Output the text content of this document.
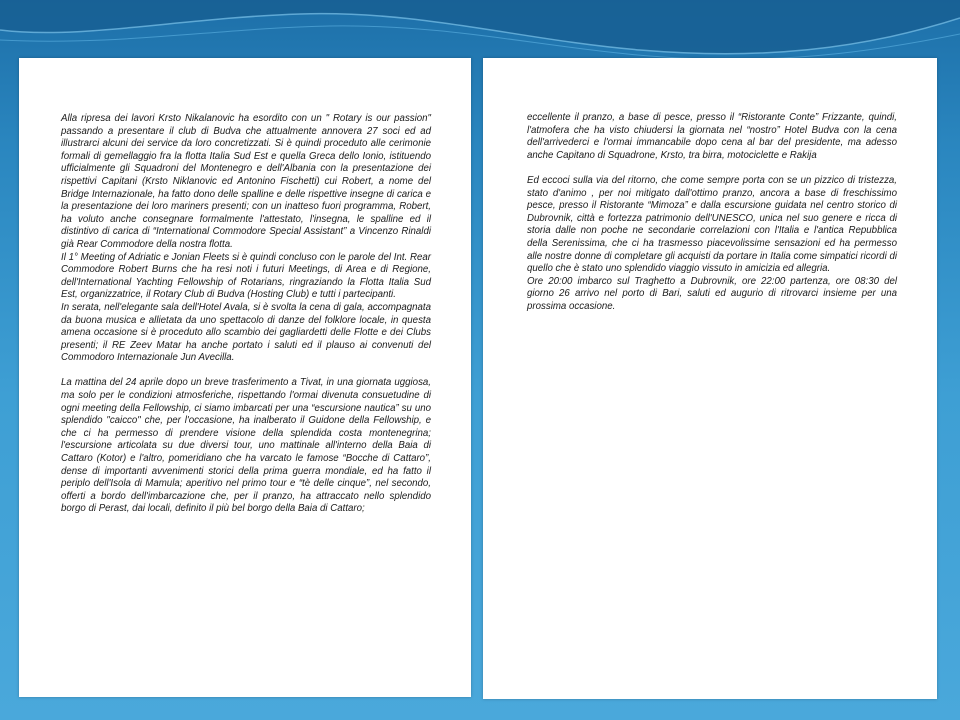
Alla ripresa dei lavori Krsto Nikalanovic ha esordito con un " Rotary is our passion" passando a presentare il club di Budva che attualmente annovera 27 soci ed ad illustrarci alcuni dei service da loro concretizzati. Si è quindi proceduto alle cerimonie formali di gemellaggio fra la flotta Italia Sud Est e quella Greca dello Ionio, istituendo ufficialmente gli Squadroni del Montenegro e dell'Albania con la presentazione dei rispettivi Capitani (Krsto Niklanovic ed Antonino Fischetti) cui Robert, a nome del Bridge Internazionale, ha fatto dono delle spalline e delle rispettive insegne di carica e la presentazione dei loro mariners presenti; con un inatteso fuori programma, Robert, ha voluto anche consegnare formalmente l'attestato, l'insegna, le spalline ed il distintivo di carica di “International Commodore Special Assistant” a Vincenzo Rinaldi già Rear Commodore della nostra flotta.

Il 1° Meeting of Adriatic e Jonian Fleets si è quindi concluso con le parole del Int. Rear Commodore Robert Burns che ha resi noti i futuri Meetings, di Area e di Regione, dell'International Yachting Fellowship of Rotarians, ringraziando la Flotta Italia Sud Est, organizzatrice, il Rotary Club di Budva (Hosting Club) e tutti i partecipanti.

In serata, nell'elegante sala dell'Hotel Avala, si è svolta la cena di gala, accompagnata da buona musica e allietata da uno spettacolo di danze del folklore locale, in questa amena occasione si è proceduto allo scambio dei gagliardetti delle Flotte e dei Clubs presenti; il RE Zeev Matar ha anche portato i saluti ed il plauso ai convenuti del Commodoro Internazionale Jun Avecilla.

La mattina del 24 aprile dopo un breve trasferimento a Tivat, in una giornata uggiosa, ma solo per le condizioni atmosferiche, rispettando l'ormai divenuta consuetudine di ogni meeting della Fellowship, ci siamo imbarcati per una “escursione nautica” su uno splendido "caicco" che, per l'occasione, ha inalberato il Guidone della Fellowship, e che ci ha permesso di prendere visione della splendida costa montenegrina; l'escursione articolata su due diversi tour, uno mattinale all'interno della Baia di Cattaro (Kotor) e l'altro, pomeridiano che ha varcato le famose “Bocche di Cattaro”, dense di importanti avvenimenti storici della prima guerra mondiale, ed ha fatto il periplo dell'Isola di Mamula; aperitivo nel primo tour e “tè delle cinque”, nel secondo, offerti a bordo dell'imbarcazione che, per il pranzo, ha attraccato nello splendido borgo di Perast, dai locali, definito il più bel borgo della Baia di Cattaro;

eccellente il pranzo, a base di pesce, presso il “Ristorante Conte” Frizzante, quindi, l'atmofera che ha visto chiudersi la giornata nel “nostro” Hotel Budva con la cena dell'arrivederci e l'ormai immancabile dopo cena al bar del presidente, ma adesso anche Capitano di Squadrone, Krsto, tra birra, motociclette e Rakija

Ed eccoci sulla via del ritorno, che come sempre porta con se un pizzico di tristezza, stato d'animo , per noi mitigato dall'ottimo pranzo, ancora a base di freschissimo pesce, presso il Ristorante “Mimoza” e dalla escursione guidata nel centro storico di Dubrovnik, città e fortezza patrimonio dell'UNESCO, unica nel suo genere e ricca di storia dalle non poche ne secondarie correlazioni con l'Italia e l'antica Repubblica della Serenissima, che ci ha trasmesso piacevolissime sensazioni ed ha permesso alle nostre donne di completare gli acquisti da portare in Italia come simpatici ricordi di quello che è stato uno splendido viaggio vissuto in amicizia ed allegria.

Ore 20:00 imbarco sul Traghetto a Dubrovnik, ore 22:00 partenza, ore 08:30 del giorno 26 arrivo nel porto di Bari, saluti ed augurio di ritrovarci insieme per una prossima occasione.
